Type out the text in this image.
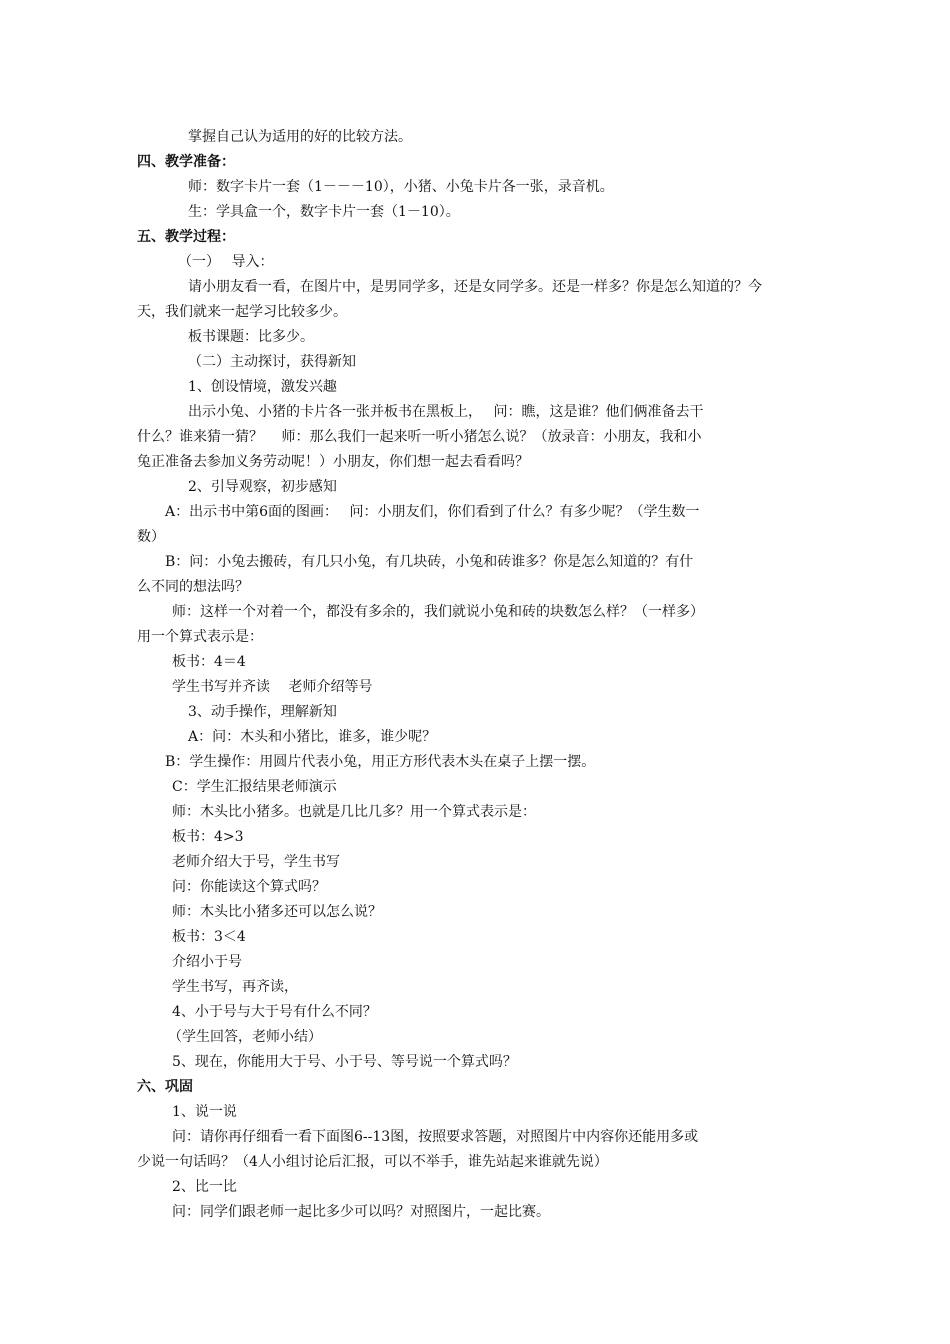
掌握自己认为适用的好的比较方法。
四、教学准备：
师：数字卡片一套（1－－－10），小猪、小兔卡片各一张，录音机。
生：学具盒一个，数字卡片一套（1－10）。
五、教学过程：
（一）　 导入：
请小朋友看一看，在图片中，是男同学多，还是女同学多。还是一样多？你是怎么知道的？今
天，我们就来一起学习比较多少。
板书课题：比多少。
（二）主动探讨，获得新知
1、创设情境，激发兴趣
出示小兔、小猪的卡片各一张并板书在黑板上，　 问：瞧，这是谁？他们俩准备去干
什么？谁来猜一猜？　 师：那么我们一起来听一听小猪怎么说？（放录音：小朋友，我和小
兔正准备去参加义务劳动呢！）小朋友，你们想一起去看看吗？
2、引导观察，初步感知
A：出示书中第6面的图画：　 问：小朋友们，你们看到了什么？有多少呢？（学生数一
数）
B：问：小兔去搬砖，有几只小兔，有几块砖，小兔和砖谁多？你是怎么知道的？有什
么不同的想法吗？
师：这样一个对着一个，都没有多余的，我们就说小兔和砖的块数怎么样？（一样多）
用一个算式表示是：
板书：4＝4
学生书写并齐读　 老师介绍等号
3、动手操作，理解新知
A：问：木头和小猪比，谁多，谁少呢？
B：学生操作：用圆片代表小兔，用正方形代表木头在桌子上摆一摆。
C：学生汇报结果老师演示
师：木头比小猪多。也就是几比几多？用一个算式表示是：
板书：4>3
老师介绍大于号，学生书写
问：你能读这个算式吗？
师：木头比小猪多还可以怎么说？
板书：3＜4
介绍小于号
学生书写，再齐读，
4、小于号与大于号有什么不同？
（学生回答，老师小结）
5、现在，你能用大于号、小于号、等号说一个算式吗？
六、巩固
1、说一说
问：请你再仔细看一看下面图6--13图，按照要求答题，对照图片中内容你还能用多或
少说一句话吗？（4人小组讨论后汇报，可以不举手，谁先站起来谁就先说）
2、比一比
问：同学们跟老师一起比多少可以吗？对照图片，一起比赛。
